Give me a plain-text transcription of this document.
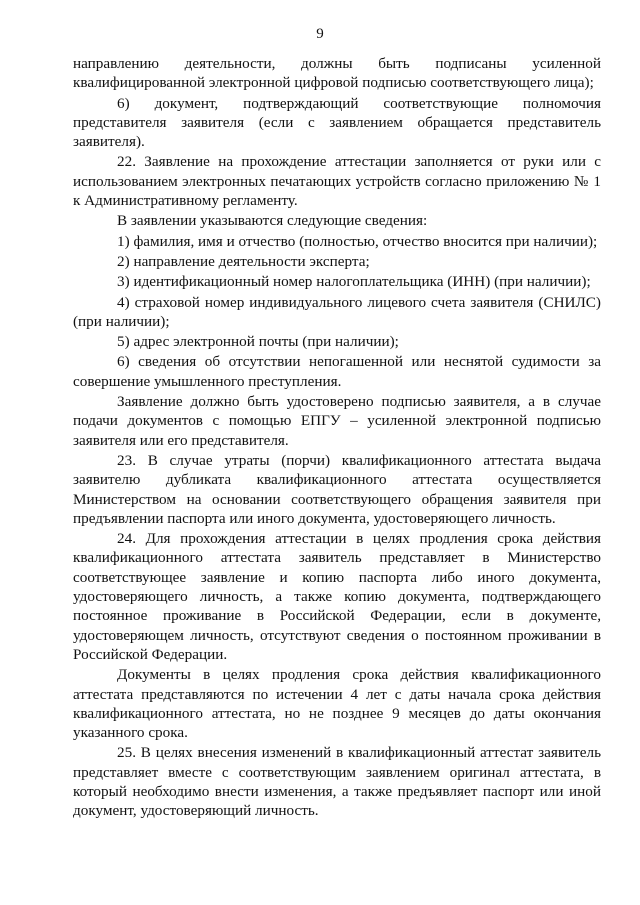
9

направлению деятельности, должны быть подписаны усиленной квалифицированной электронной цифровой подписью соответствующего лица);

6) документ, подтверждающий соответствующие полномочия представителя заявителя (если с заявлением обращается представитель заявителя).

22. Заявление на прохождение аттестации заполняется от руки или с использованием электронных печатающих устройств согласно приложению № 1 к Административному регламенту.

В заявлении указываются следующие сведения:

1) фамилия, имя и отчество (полностью, отчество вносится при наличии);

2) направление деятельности эксперта;

3) идентификационный номер налогоплательщика (ИНН) (при наличии);

4) страховой номер индивидуального лицевого счета заявителя (СНИЛС) (при наличии);

5) адрес электронной почты (при наличии);

6) сведения об отсутствии непогашенной или неснятой судимости за совершение умышленного преступления.

Заявление должно быть удостоверено подписью заявителя, а в случае подачи документов с помощью ЕПГУ – усиленной электронной подписью заявителя или его представителя.

23. В случае утраты (порчи) квалификационного аттестата выдача заявителю дубликата квалификационного аттестата осуществляется Министерством на основании соответствующего обращения заявителя при предъявлении паспорта или иного документа, удостоверяющего личность.

24. Для прохождения аттестации в целях продления срока действия квалификационного аттестата заявитель представляет в Министерство соответствующее заявление и копию паспорта либо иного документа, удостоверяющего личность, а также копию документа, подтверждающего постоянное проживание в Российской Федерации, если в документе, удостоверяющем личность, отсутствуют сведения о постоянном проживании в Российской Федерации.

Документы в целях продления срока действия квалификационного аттестата представляются по истечении 4 лет с даты начала срока действия квалификационного аттестата, но не позднее 9 месяцев до даты окончания указанного срока.

25. В целях внесения изменений в квалификационный аттестат заявитель представляет вместе с соответствующим заявлением оригинал аттестата, в который необходимо внести изменения, а также предъявляет паспорт или иной документ, удостоверяющий личность.
